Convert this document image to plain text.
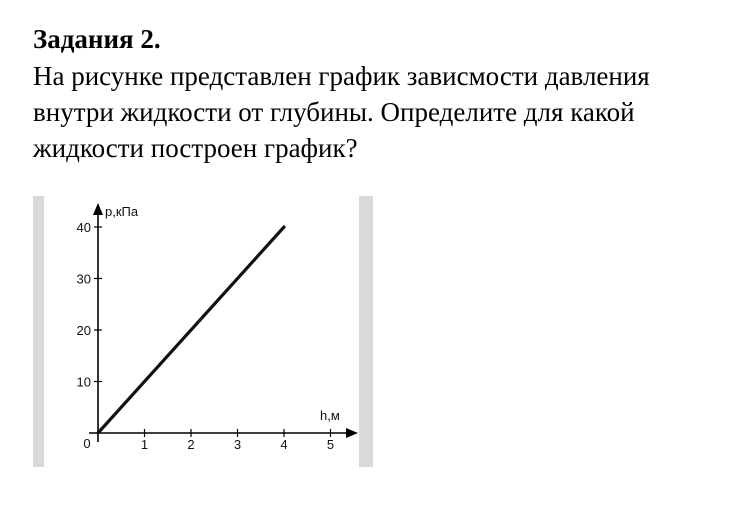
Задания 2.
На рисунке представлен график зависмости давления
внутри жидкости от глубины. Определите для какой
жидкости построен график?
p,кПа
h,м
0	1	2	3	4	5
10
20
30
40
